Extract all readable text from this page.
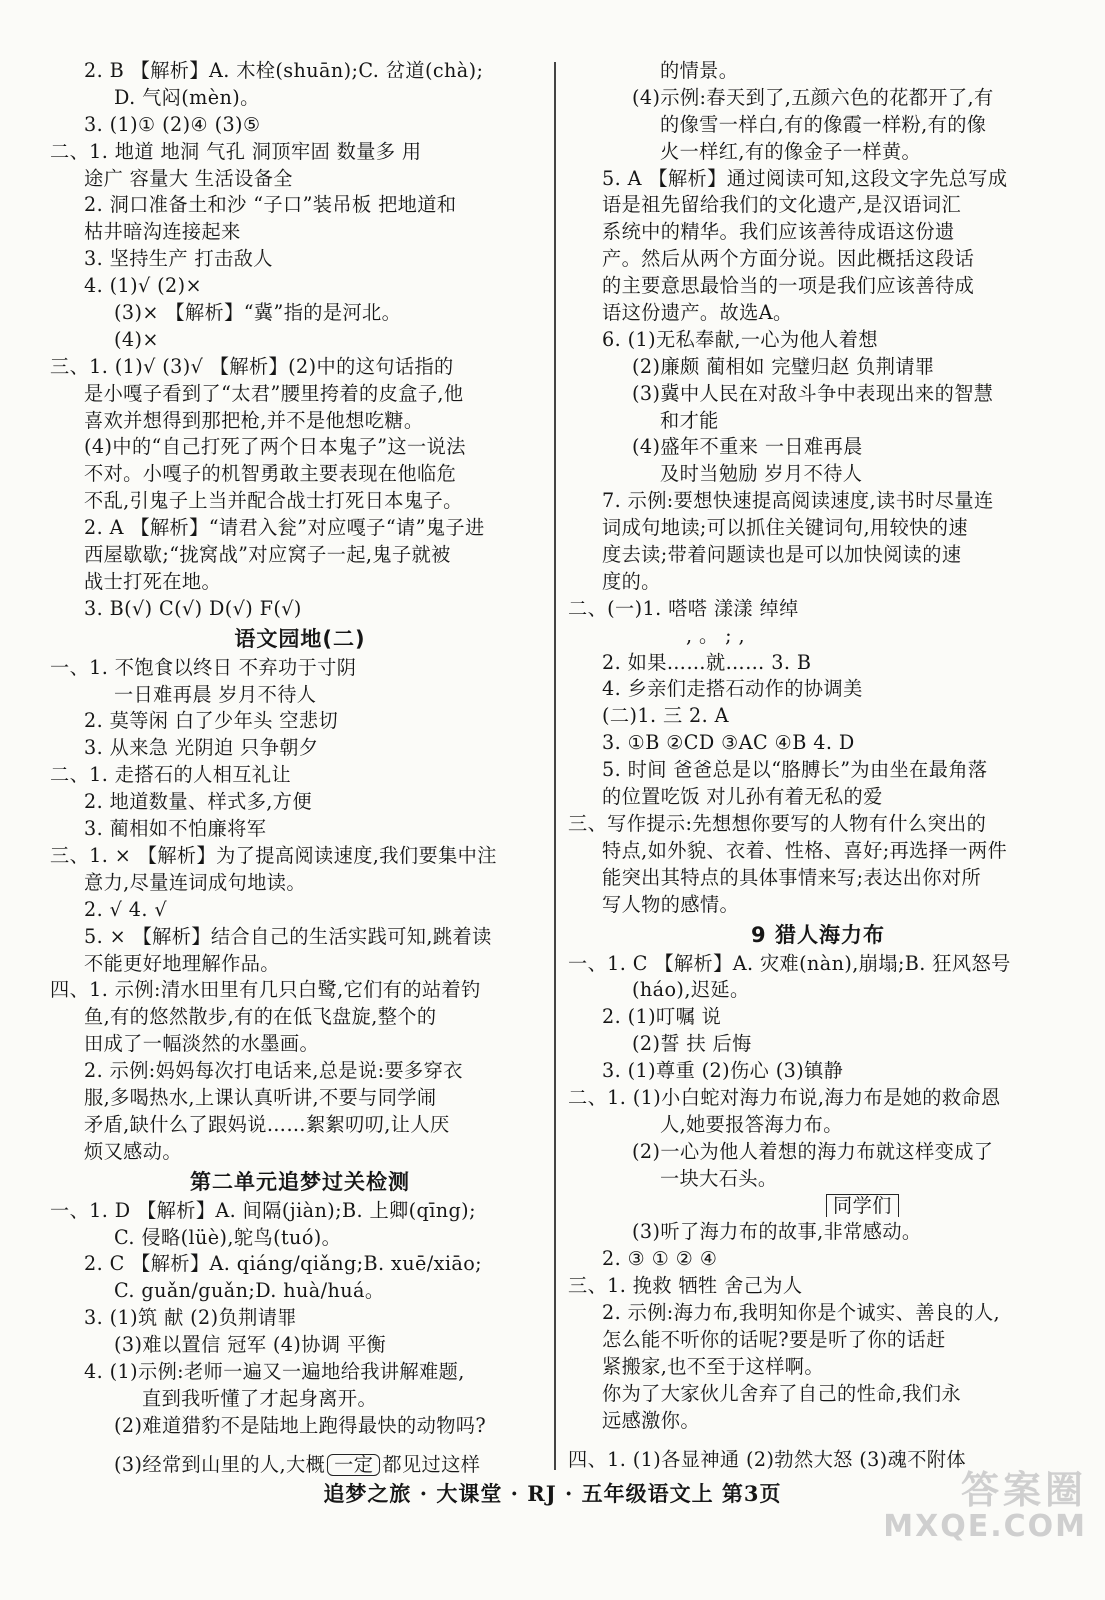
2. B 【解析】A. 木栓(shuān);C. 岔道(chà);
D. 气闷(mèn)。
3. (1)① (2)④ (3)⑤
二、1. 地道 地洞 气孔 洞顶牢固 数量多 用
途广 容量大 生活设备全
2. 洞口准备土和沙 “子口”装吊板 把地道和
枯井暗沟连接起来
3. 坚持生产 打击敌人
4. (1)√ (2)×
(3)× 【解析】“冀”指的是河北。
(4)×
三、1. (1)√ (3)√ 【解析】(2)中的这句话指的
是小嘎子看到了“太君”腰里挎着的皮盒子,他
喜欢并想得到那把枪,并不是他想吃糖。
(4)中的“自己打死了两个日本鬼子”这一说法
不对。小嘎子的机智勇敢主要表现在他临危
不乱,引鬼子上当并配合战士打死日本鬼子。
2. A 【解析】“请君入瓮”对应嘎子“请”鬼子进
西屋歇歇;“拢窝战”对应窝子一起,鬼子就被
战士打死在地。
3. B(√) C(√) D(√) F(√)
语文园地(二)
一、1. 不饱食以终日 不弃功于寸阴
一日难再晨 岁月不待人
2. 莫等闲 白了少年头 空悲切
3. 从来急 光阴迫 只争朝夕
二、1. 走搭石的人相互礼让
2. 地道数量、样式多,方便
3. 蔺相如不怕廉将军
三、1. × 【解析】为了提高阅读速度,我们要集中注
意力,尽量连词成句地读。
2. √ 4. √
5. × 【解析】结合自己的生活实践可知,跳着读
不能更好地理解作品。
四、1. 示例:清水田里有几只白鹭,它们有的站着钓
鱼,有的悠然散步,有的在低飞盘旋,整个的
田成了一幅淡然的水墨画。
2. 示例:妈妈每次打电话来,总是说:要多穿衣
服,多喝热水,上课认真听讲,不要与同学闹
矛盾,缺什么了跟妈说……絮絮叨叨,让人厌
烦又感动。
第二单元追梦过关检测
一、1. D 【解析】A. 间隔(jiàn);B. 上卿(qīng);
C. 侵略(lüè),鸵鸟(tuó)。
2. C 【解析】A. qiáng/qiǎng;B. xuē/xiāo;
C. guǎn/guǎn;D. huà/huá。
3. (1)筑 献 (2)负荆请罪
(3)难以置信 冠军 (4)协调 平衡
4. (1)示例:老师一遍又一遍地给我讲解难题,
直到我听懂了才起身离开。
(2)难道猎豹不是陆地上跑得最快的动物吗?
(3)经常到山里的人,大概 一定 都见过这样
的情景。
(4)示例:春天到了,五颜六色的花都开了,有
的像雪一样白,有的像霞一样粉,有的像
火一样红,有的像金子一样黄。
5. A 【解析】通过阅读可知,这段文字先总写成
语是祖先留给我们的文化遗产,是汉语词汇
系统中的精华。我们应该善待成语这份遗
产。然后从两个方面分说。因此概括这段话
的主要意思最恰当的一项是我们应该善待成
语这份遗产。故选A。
6. (1)无私奉献,一心为他人着想
(2)廉颇 蔺相如 完璧归赵 负荆请罪
(3)冀中人民在对敌斗争中表现出来的智慧
和才能
(4)盛年不重来 一日难再晨
及时当勉励 岁月不待人
7. 示例:要想快速提高阅读速度,读书时尽量连
词成句地读;可以抓住关键词句,用较快的速
度去读;带着问题读也是可以加快阅读的速
度的。
二、(一)1. 嗒嗒 漾漾 绰绰
, 。 ; ,
2. 如果……就…… 3. B
4. 乡亲们走搭石动作的协调美
(二)1. 三 2. A
3. ①B ②CD ③AC ④B 4. D
5. 时间 爸爸总是以“胳膊长”为由坐在最角落
的位置吃饭 对儿孙有着无私的爱
三、写作提示:先想想你要写的人物有什么突出的
特点,如外貌、衣着、性格、喜好;再选择一两件
能突出其特点的具体事情来写;表达出你对所
写人物的感情。
9 猎人海力布
一、1. C 【解析】A. 灾难(nàn),崩塌;B. 狂风怒号
(háo),迟延。
2. (1)叮嘱 说
(2)誓 扶 后悔
3. (1)尊重 (2)伤心 (3)镇静
二、1. (1)小白蛇对海力布说,海力布是她的救命恩
人,她要报答海力布。
(2)一心为他人着想的海力布就这样变成了
一块大石头。
同学们
(3)听了海力布的故事,非常感动。
2. ③ ① ② ④
三、1. 挽救 牺牲 舍己为人
2. 示例:海力布,我明知你是个诚实、善良的人,
怎么能不听你的话呢?要是听了你的话赶
紧搬家,也不至于这样啊。
你为了大家伙儿舍弃了自己的性命,我们永
远感激你。
四、1. (1)各显神通 (2)勃然大怒 (3)魂不附体
追梦之旅 · 大课堂 · RJ · 五年级语文上 第3页	答案圈
MXQE.COM
